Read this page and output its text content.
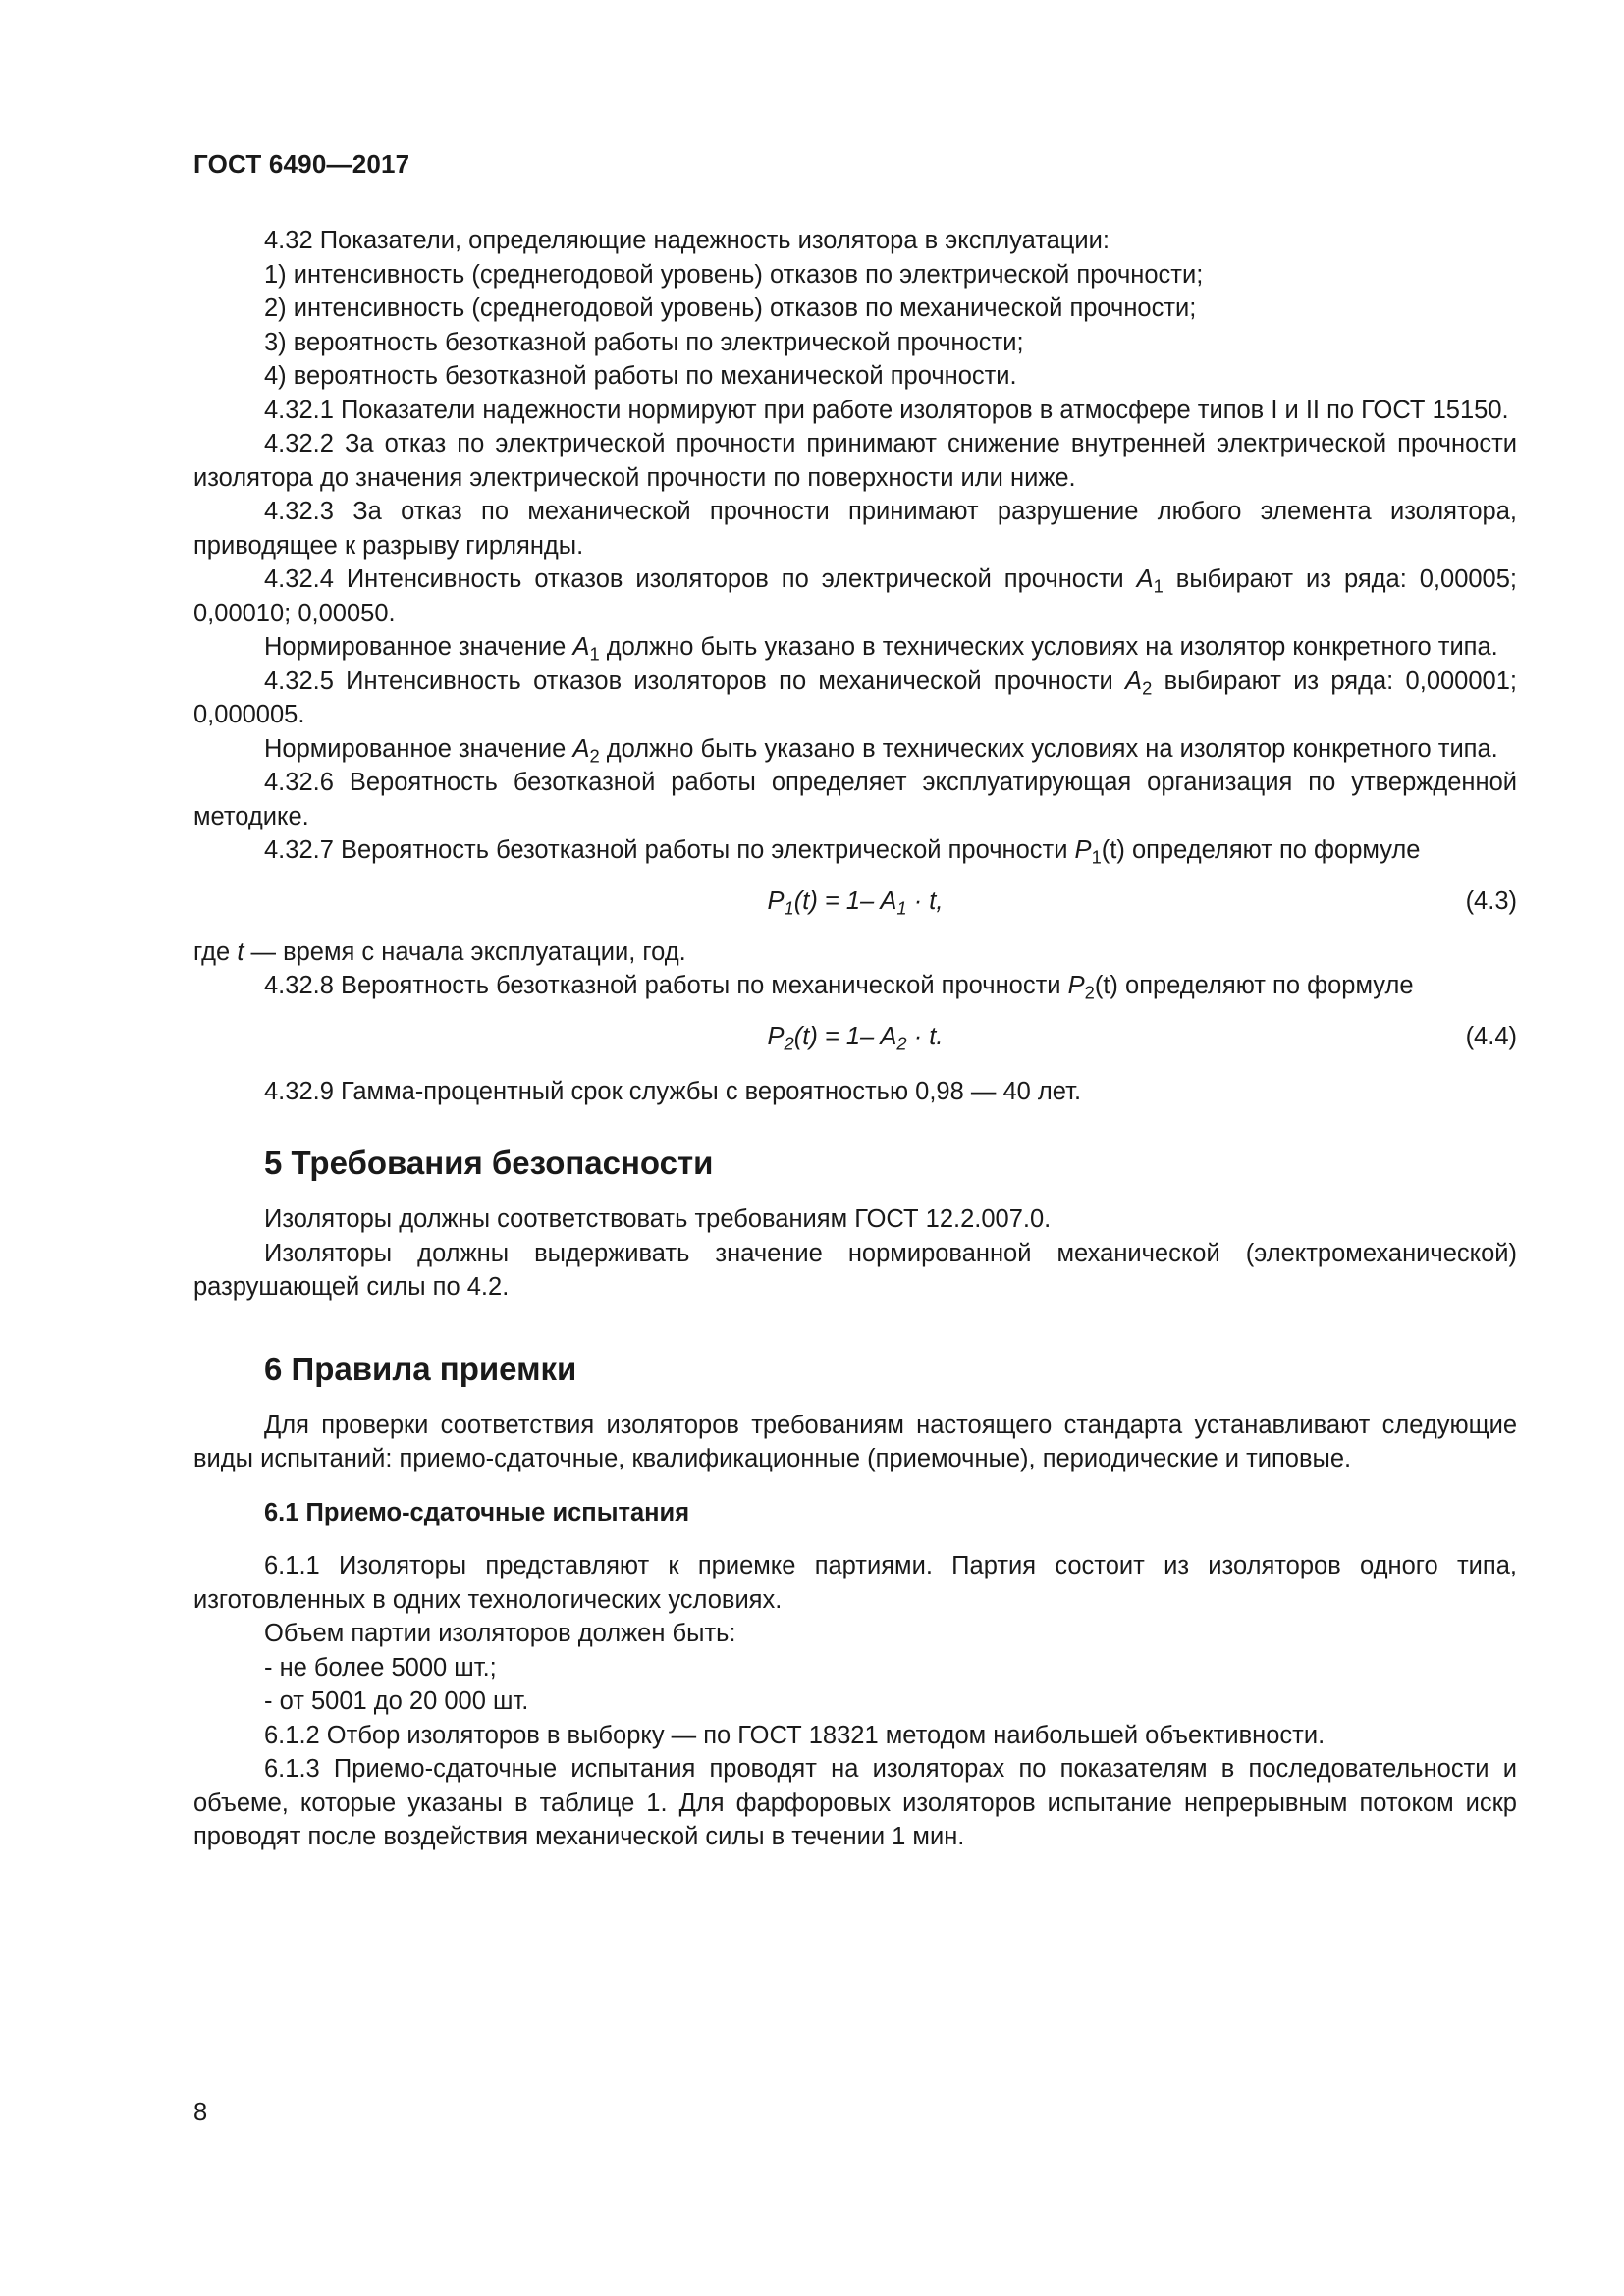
ГОСТ 6490—2017

4.32 Показатели, определяющие надежность изолятора в эксплуатации:

1) интенсивность (среднегодовой уровень) отказов по электрической прочности;

2) интенсивность (среднегодовой уровень) отказов по механической прочности;

3) вероятность безотказной работы по электрической прочности;

4) вероятность безотказной работы по механической прочности.

4.32.1 Показатели надежности нормируют при работе изоляторов в атмосфере типов I и II по ГОСТ 15150.

4.32.2 За отказ по электрической прочности принимают снижение внутренней электрической прочности изолятора до значения электрической прочности по поверхности или ниже.

4.32.3 За отказ по механической прочности принимают разрушение любого элемента изолятора, приводящее к разрыву гирлянды.

4.32.4 Интенсивность отказов изоляторов по электрической прочности $A_1$ выбирают из ряда: 0,00005; 0,00010; 0,00050.

Нормированное значение $A_1$ должно быть указано в технических условиях на изолятор конкретного типа.

4.32.5 Интенсивность отказов изоляторов по механической прочности $A_2$ выбирают из ряда: 0,000001; 0,000005.

Нормированное значение $A_2$ должно быть указано в технических условиях на изолятор конкретного типа.

4.32.6 Вероятность безотказной работы определяет эксплуатирующая организация по утвержденной методике.

4.32.7 Вероятность безотказной работы по электрической прочности $P_1(t)$ определяют по формуле

$P_1(t) = 1-$ $A_1 \cdot t$,	(4.3)

где t — время с начала эксплуатации, год.

4.32.8 Вероятность безотказной работы по механической прочности $P_2(t)$ определяют по формуле

$P_2(t) = 1-$ $A_2 \cdot t$.	(4.4)

4.32.9 Гамма-процентный срок службы с вероятностью 0,98 — 40 лет.

5 Требования безопасности

Изоляторы должны соответствовать требованиям ГОСТ 12.2.007.0.

Изоляторы должны выдерживать значение нормированной механической (электромеханической) разрушающей силы по 4.2.

6 Правила приемки

Для проверки соответствия изоляторов требованиям настоящего стандарта устанавливают следующие виды испытаний: приемо-сдаточные, квалификационные (приемочные), периодические и типовые.

6.1 Приемо-сдаточные испытания

6.1.1 Изоляторы представляют к приемке партиями. Партия состоит из изоляторов одного типа, изготовленных в одних технологических условиях.

Объем партии изоляторов должен быть:

- не более 5000 шт.;

- от 5001 до 20 000 шт.

6.1.2 Отбор изоляторов в выборку — по ГОСТ 18321 методом наибольшей объективности.

6.1.3 Приемо-сдаточные испытания проводят на изоляторах по показателям в последовательности и объеме, которые указаны в таблице 1. Для фарфоровых изоляторов испытание непрерывным потоком искр проводят после воздействия механической силы в течении 1 мин.

8
